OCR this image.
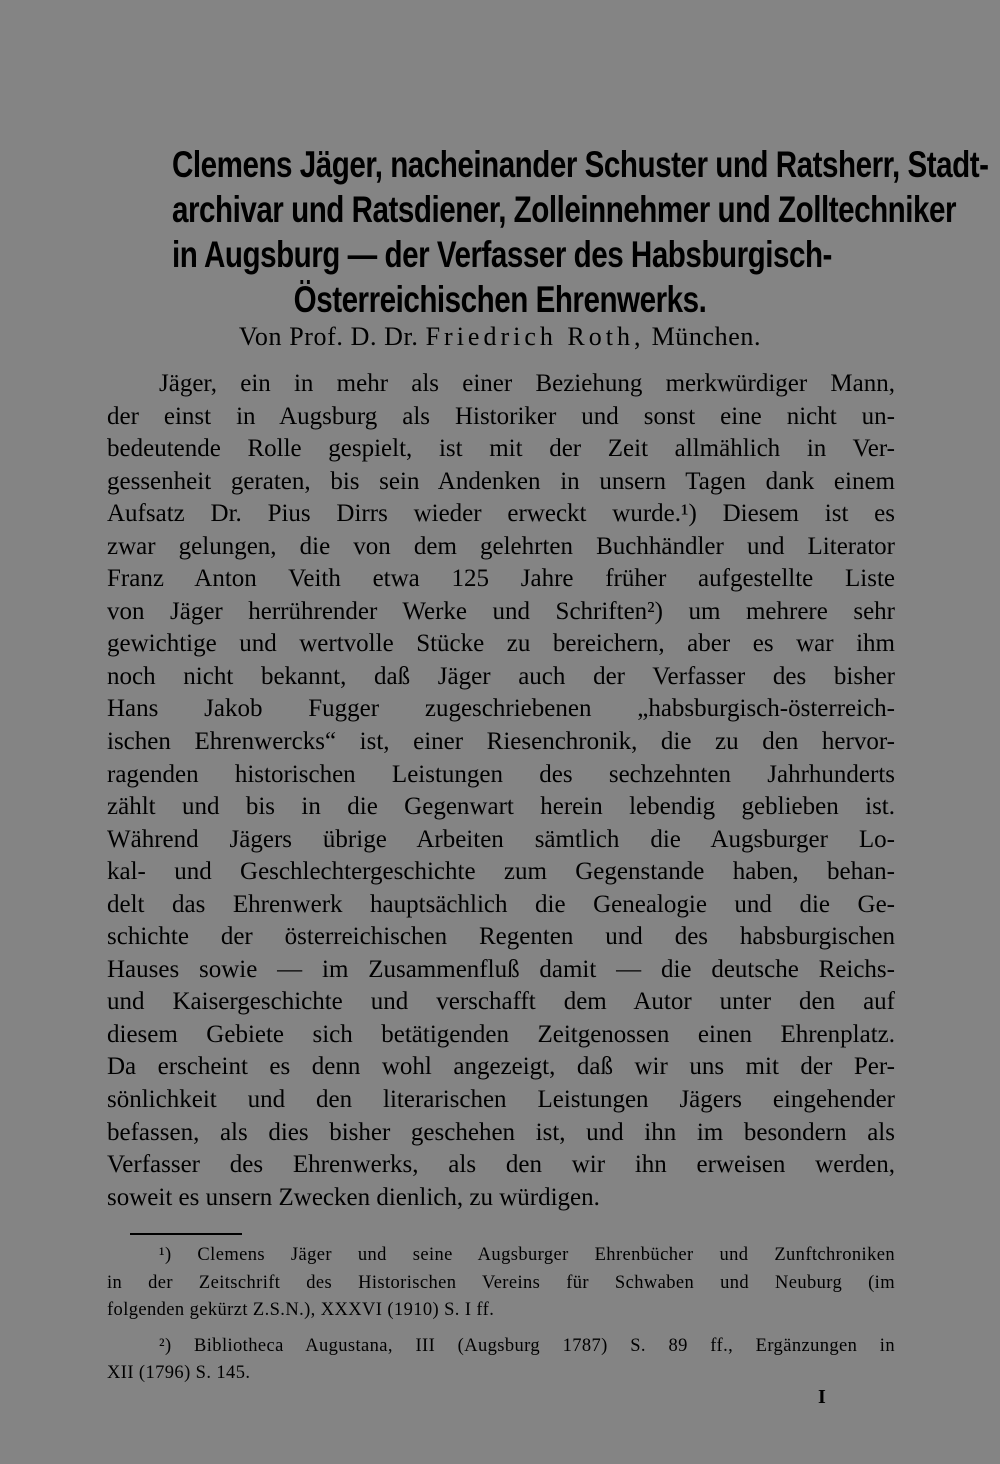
Clemens Jäger, nacheinander Schuster und Ratsherr, Stadt-
archivar und Ratsdiener, Zolleinnehmer und Zolltechniker
in Augsburg — der Verfasser des Habsburgisch-
Österreichischen Ehrenwerks.
Von Prof. D. Dr. Friedrich Roth, München.
Jäger, ein in mehr als einer Beziehung merkwürdiger Mann,
der einst in Augsburg als Historiker und sonst eine nicht un-
bedeutende Rolle gespielt, ist mit der Zeit allmählich in Ver-
gessenheit geraten, bis sein Andenken in unsern Tagen dank einem
Aufsatz Dr. Pius Dirrs wieder erweckt wurde.¹) Diesem ist es
zwar gelungen, die von dem gelehrten Buchhändler und Literator
Franz Anton Veith etwa 125 Jahre früher aufgestellte Liste
von Jäger herrührender Werke und Schriften²) um mehrere sehr
gewichtige und wertvolle Stücke zu bereichern, aber es war ihm
noch nicht bekannt, daß Jäger auch der Verfasser des bisher
Hans Jakob Fugger zugeschriebenen „habsburgisch-österreich-
ischen Ehrenwercks“ ist, einer Riesenchronik, die zu den hervor-
ragenden historischen Leistungen des sechzehnten Jahrhunderts
zählt und bis in die Gegenwart herein lebendig geblieben ist.
Während Jägers übrige Arbeiten sämtlich die Augsburger Lo-
kal- und Geschlechtergeschichte zum Gegenstande haben, behan-
delt das Ehrenwerk hauptsächlich die Genealogie und die Ge-
schichte der österreichischen Regenten und des habsburgischen
Hauses sowie — im Zusammenfluß damit — die deutsche Reichs-
und Kaisergeschichte und verschafft dem Autor unter den auf
diesem Gebiete sich betätigenden Zeitgenossen einen Ehrenplatz.
Da erscheint es denn wohl angezeigt, daß wir uns mit der Per-
sönlichkeit und den literarischen Leistungen Jägers eingehender
befassen, als dies bisher geschehen ist, und ihn im besondern als
Verfasser des Ehrenwerks, als den wir ihn erweisen werden,
soweit es unsern Zwecken dienlich, zu würdigen.
¹) Clemens Jäger und seine Augsburger Ehrenbücher und Zunftchroniken
in der Zeitschrift des Historischen Vereins für Schwaben und Neuburg (im
folgenden gekürzt Z.S.N.), XXXVI (1910) S. I ff.
²) Bibliotheca Augustana, III (Augsburg 1787) S. 89 ff., Ergänzungen in
XII (1796) S. 145.
I
